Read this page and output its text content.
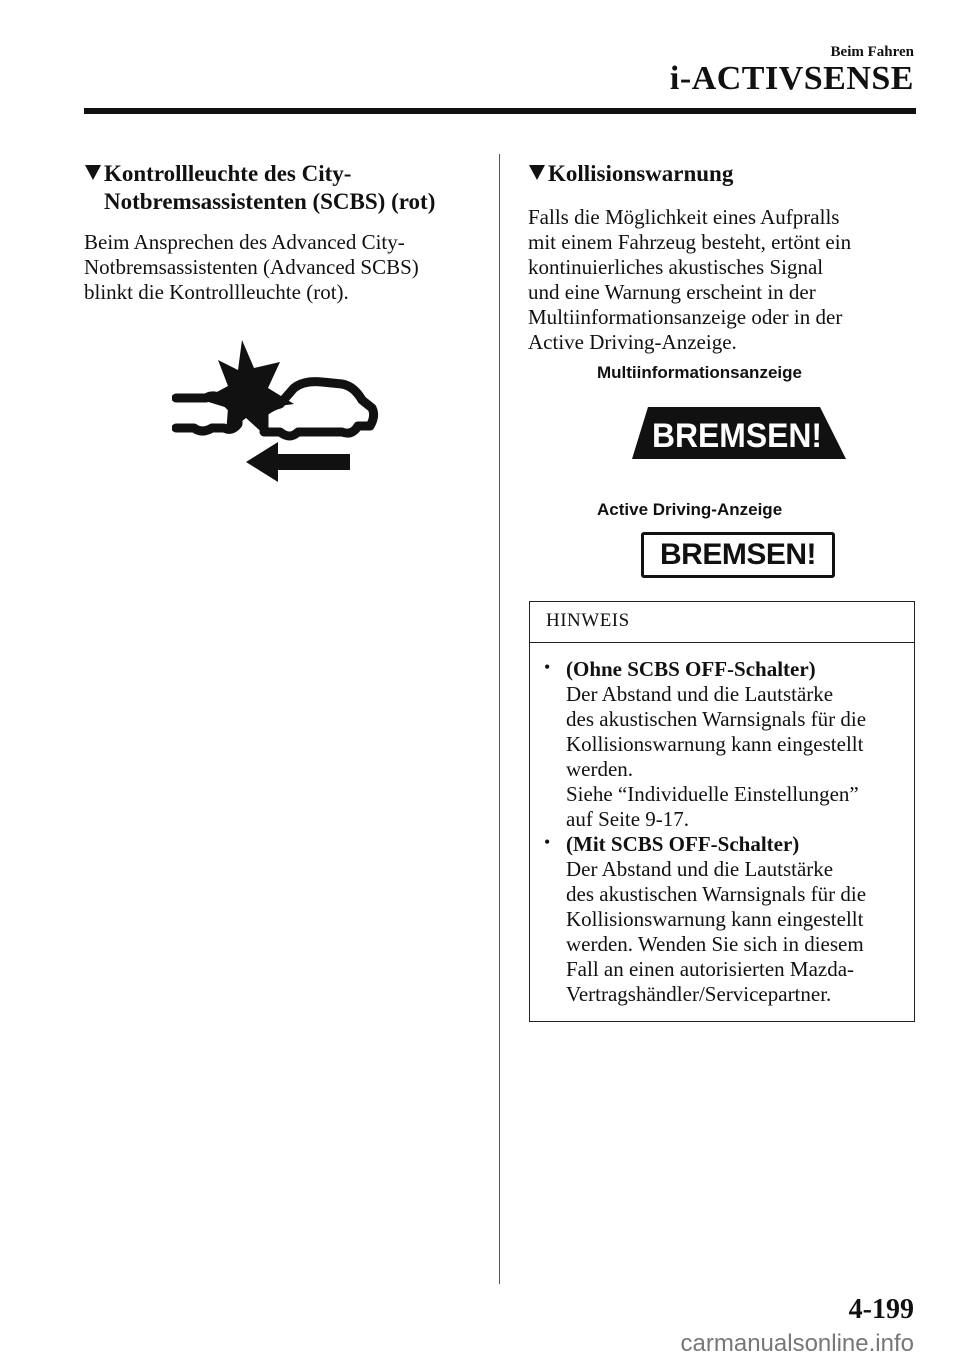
Beim Fahren
i-ACTIVSENSE
Kontrollleuchte des City-
Notbremsassistenten (SCBS) (rot)
Beim Ansprechen des Advanced City-
Notbremsassistenten (Advanced SCBS)
blinkt die Kontrollleuchte (rot).
Kollisionswarnung
Falls die Möglichkeit eines Aufpralls
mit einem Fahrzeug besteht, ertönt ein
kontinuierliches akustisches Signal
und eine Warnung erscheint in der
Multiinformationsanzeige oder in der
Active Driving-Anzeige.
Multiinformationsanzeige
BREMSEN!
Active Driving-Anzeige
BREMSEN!
HINWEIS
• (Ohne SCBS OFF-Schalter)
Der Abstand und die Lautstärke
des akustischen Warnsignals für die
Kollisionswarnung kann eingestellt
werden.
Siehe “Individuelle Einstellungen”
auf Seite 9-17.
• (Mit SCBS OFF-Schalter)
Der Abstand und die Lautstärke
des akustischen Warnsignals für die
Kollisionswarnung kann eingestellt
werden. Wenden Sie sich in diesem
Fall an einen autorisierten Mazda-
Vertragshändler/Servicepartner.
4-199
carmanualsonline.info
